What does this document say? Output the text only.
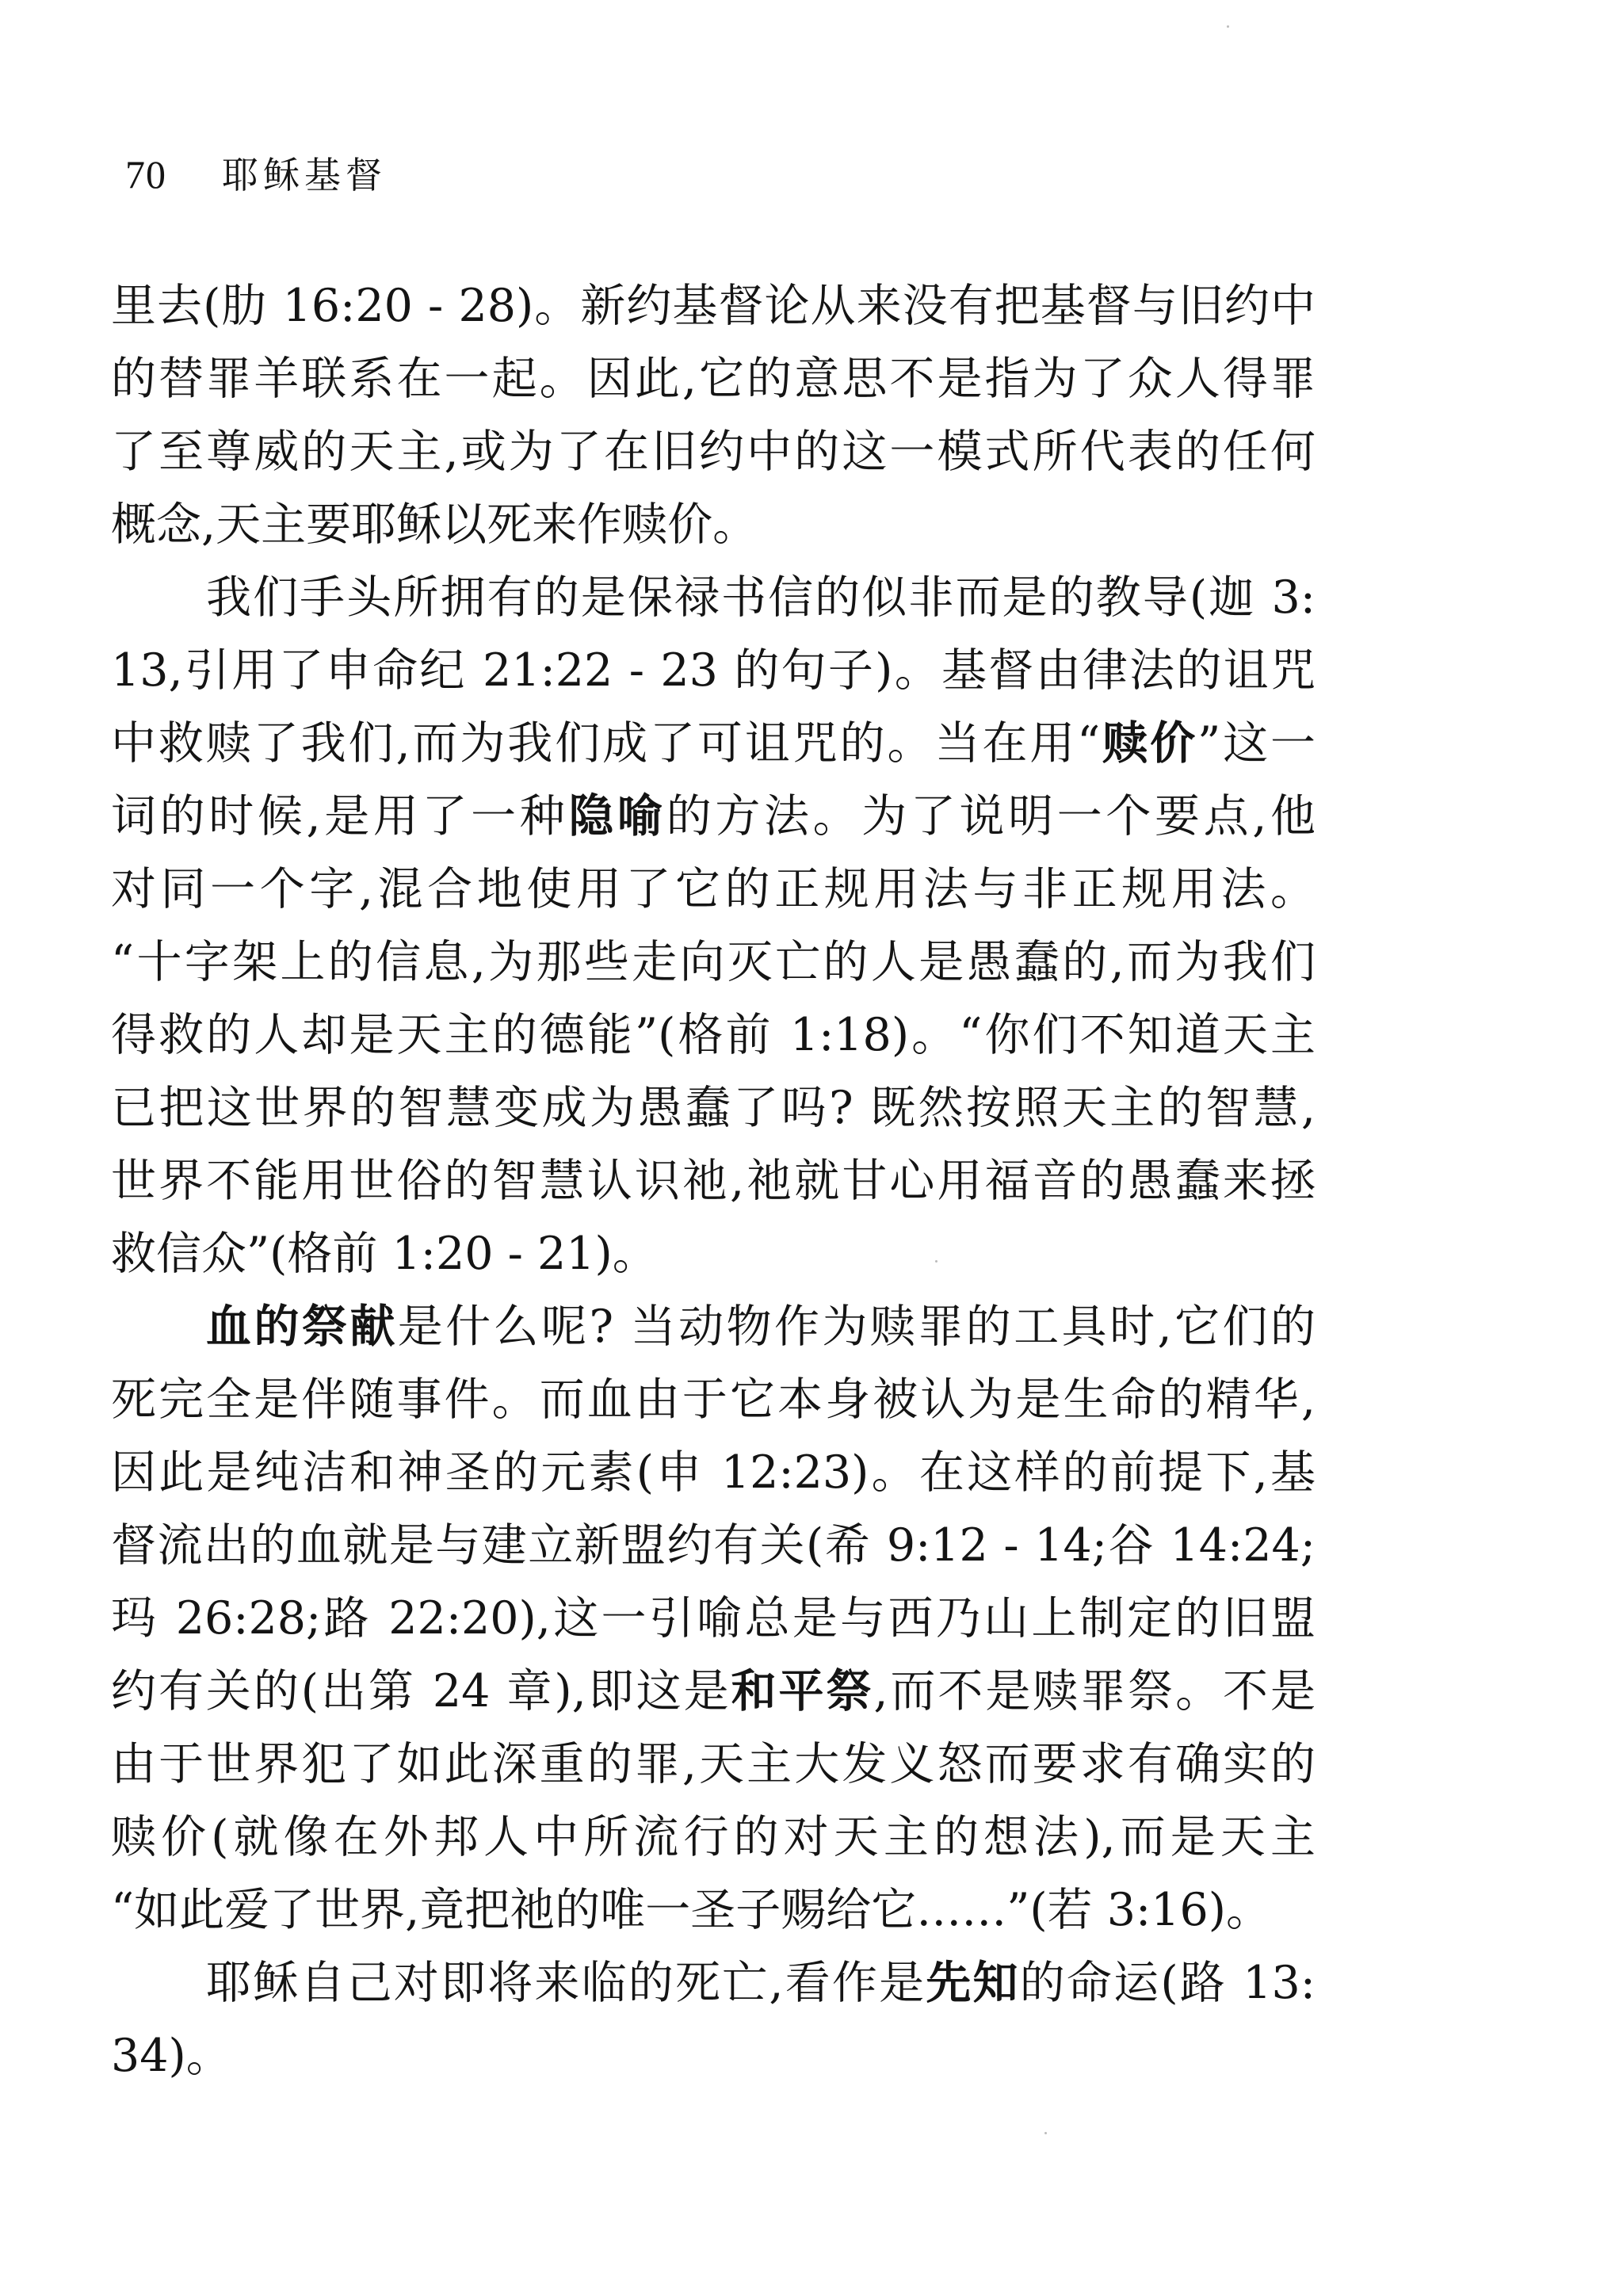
70 耶稣基督
里去(肋 16:20 - 28)。新约基督论从来没有把基督与旧约中
的替罪羊联系在一起。因此,它的意思不是指为了众人得罪
了至尊威的天主,或为了在旧约中的这一模式所代表的任何
概念,天主要耶稣以死来作赎价。
我们手头所拥有的是保禄书信的似非而是的教导(迦 3:
13,引用了申命纪 21:22 - 23 的句子)。基督由律法的诅咒
中救赎了我们,而为我们成了可诅咒的。当在用“赎价”这一
词的时候,是用了一种隐喻的方法。为了说明一个要点,他
对同一个字,混合地使用了它的正规用法与非正规用法。
“十字架上的信息,为那些走向灭亡的人是愚蠢的,而为我们
得救的人却是天主的德能”(格前 1:18)。“你们不知道天主
已把这世界的智慧变成为愚蠢了吗? 既然按照天主的智慧,
世界不能用世俗的智慧认识祂,祂就甘心用福音的愚蠢来拯
救信众”(格前 1:20 - 21)。
血的祭献是什么呢? 当动物作为赎罪的工具时,它们的
死完全是伴随事件。而血由于它本身被认为是生命的精华,
因此是纯洁和神圣的元素(申 12:23)。在这样的前提下,基
督流出的血就是与建立新盟约有关(希 9:12 - 14;谷 14:24;
玛 26:28;路 22:20),这一引喻总是与西乃山上制定的旧盟
约有关的(出第 24 章),即这是和平祭,而不是赎罪祭。不是
由于世界犯了如此深重的罪,天主大发义怒而要求有确实的
赎价(就像在外邦人中所流行的对天主的想法),而是天主
“如此爱了世界,竟把祂的唯一圣子赐给它……”(若 3:16)。
耶稣自己对即将来临的死亡,看作是先知的命运(路 13:
34)。
